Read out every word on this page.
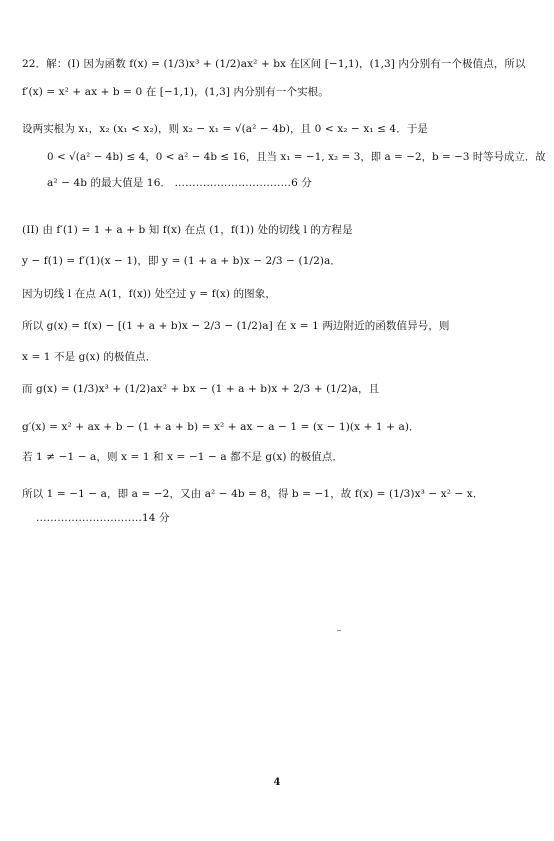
22．解：(I) 因为函数 f(x) = (1/3)x³ + (1/2)ax² + bx 在区间 [−1,1)，(1,3] 内分别有一个极值点，所以
f′(x) = x² + ax + b = 0 在 [−1,1)，(1,3] 内分别有一个实根。
设两实根为 x₁，x₂ (x₁ < x₂)，则 x₂ − x₁ = √(a² − 4b)，且 0 < x₂ − x₁ ≤ 4．于是
0 < √(a² − 4b) ≤ 4，0 < a² − 4b ≤ 16，且当 x₁ = −1, x₂ = 3，即 a = −2，b = −3 时等号成立．故
a² − 4b 的最大值是 16． ……………………………6 分
(II) 由 f′(1) = 1 + a + b 知 f(x) 在点 (1，f(1)) 处的切线 l 的方程是
y − f(1) = f′(1)(x − 1)，即 y = (1 + a + b)x − 2/3 − (1/2)a．
因为切线 l 在点 A(1，f(x)) 处空过 y = f(x) 的图象，
所以 g(x) = f(x) − [(1 + a + b)x − 2/3 − (1/2)a] 在 x = 1 两边附近的函数值异号，则
x = 1 不是 g(x) 的极值点．
而 g(x) = (1/3)x³ + (1/2)ax² + bx − (1 + a + b)x + 2/3 + (1/2)a，且
g′(x) = x² + ax + b − (1 + a + b) = x² + ax − a − 1 = (x − 1)(x + 1 + a)．
若 1 ≠ −1 − a，则 x = 1 和 x = −1 − a 都不是 g(x) 的极值点．
所以 1 = −1 − a，即 a = −2，又由 a² − 4b = 8，得 b = −1，故 f(x) = (1/3)x³ − x² − x．
…………………………14 分
4
